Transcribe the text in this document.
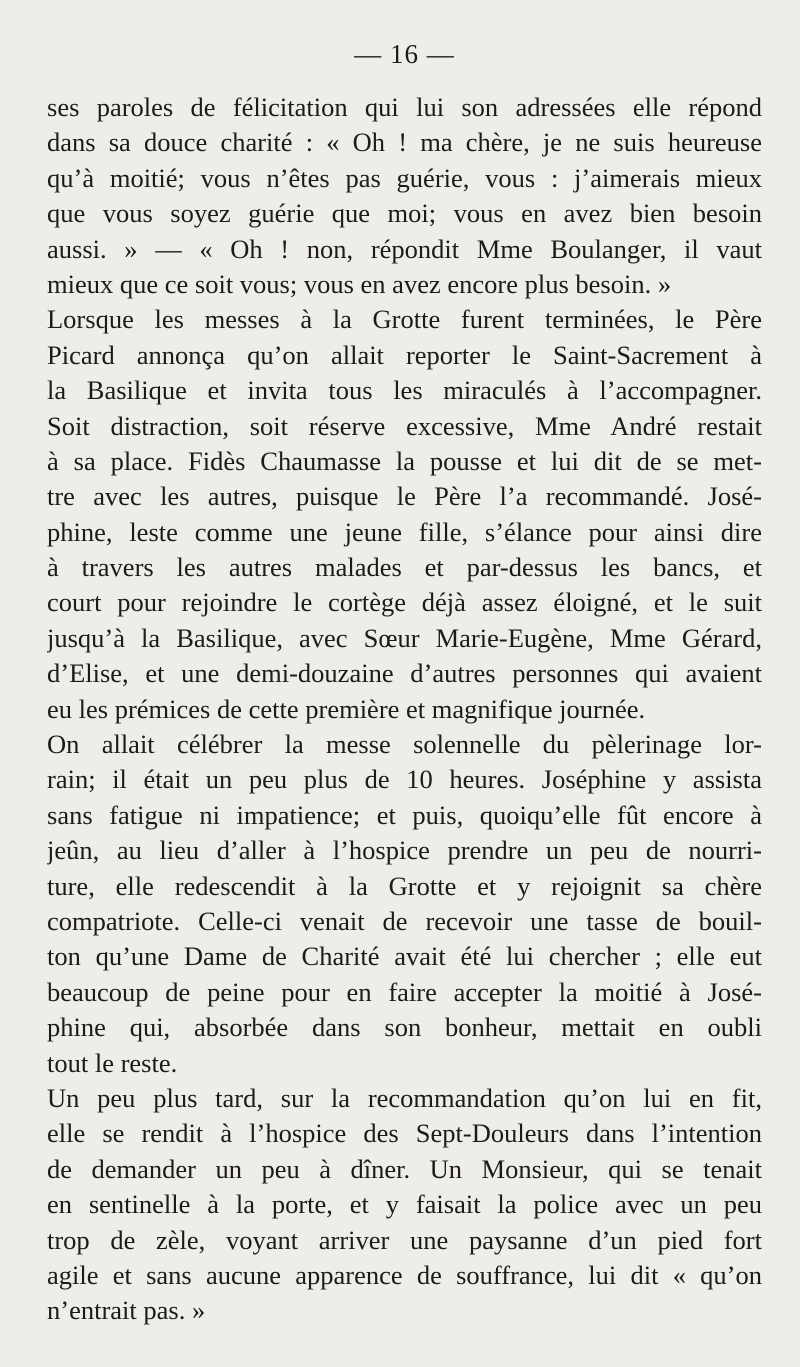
— 16 —
ses paroles de félicitation qui lui son adressées elle répond
dans sa douce charité : « Oh ! ma chère, je ne suis heureuse
qu’à moitié; vous n’êtes pas guérie, vous : j’aimerais mieux
que vous soyez guérie que moi; vous en avez bien besoin
aussi. » — « Oh ! non, répondit Mme Boulanger, il vaut
mieux que ce soit vous; vous en avez encore plus besoin. »
Lorsque les messes à la Grotte furent terminées, le Père
Picard annonça qu’on allait reporter le Saint-Sacrement à
la Basilique et invita tous les miraculés à l’accompagner.
Soit distraction, soit réserve excessive, Mme André restait
à sa place. Fidès Chaumasse la pousse et lui dit de se met-
tre avec les autres, puisque le Père l’a recommandé. José-
phine, leste comme une jeune fille, s’élance pour ainsi dire
à travers les autres malades et par-dessus les bancs, et
court pour rejoindre le cortège déjà assez éloigné, et le suit
jusqu’à la Basilique, avec Sœur Marie-Eugène, Mme Gérard,
d’Elise, et une demi-douzaine d’autres personnes qui avaient
eu les prémices de cette première et magnifique journée.
On allait célébrer la messe solennelle du pèlerinage lor-
rain; il était un peu plus de 10 heures. Joséphine y assista
sans fatigue ni impatience; et puis, quoiqu’elle fût encore à
jeûn, au lieu d’aller à l’hospice prendre un peu de nourri-
ture, elle redescendit à la Grotte et y rejoignit sa chère
compatriote. Celle-ci venait de recevoir une tasse de bouil-
ton qu’une Dame de Charité avait été lui chercher ; elle eut
beaucoup de peine pour en faire accepter la moitié à José-
phine qui, absorbée dans son bonheur, mettait en oubli
tout le reste.
Un peu plus tard, sur la recommandation qu’on lui en fit,
elle se rendit à l’hospice des Sept-Douleurs dans l’intention
de demander un peu à dîner. Un Monsieur, qui se tenait
en sentinelle à la porte, et y faisait la police avec un peu
trop de zèle, voyant arriver une paysanne d’un pied fort
agile et sans aucune apparence de souffrance, lui dit « qu’on
n’entrait pas. »
